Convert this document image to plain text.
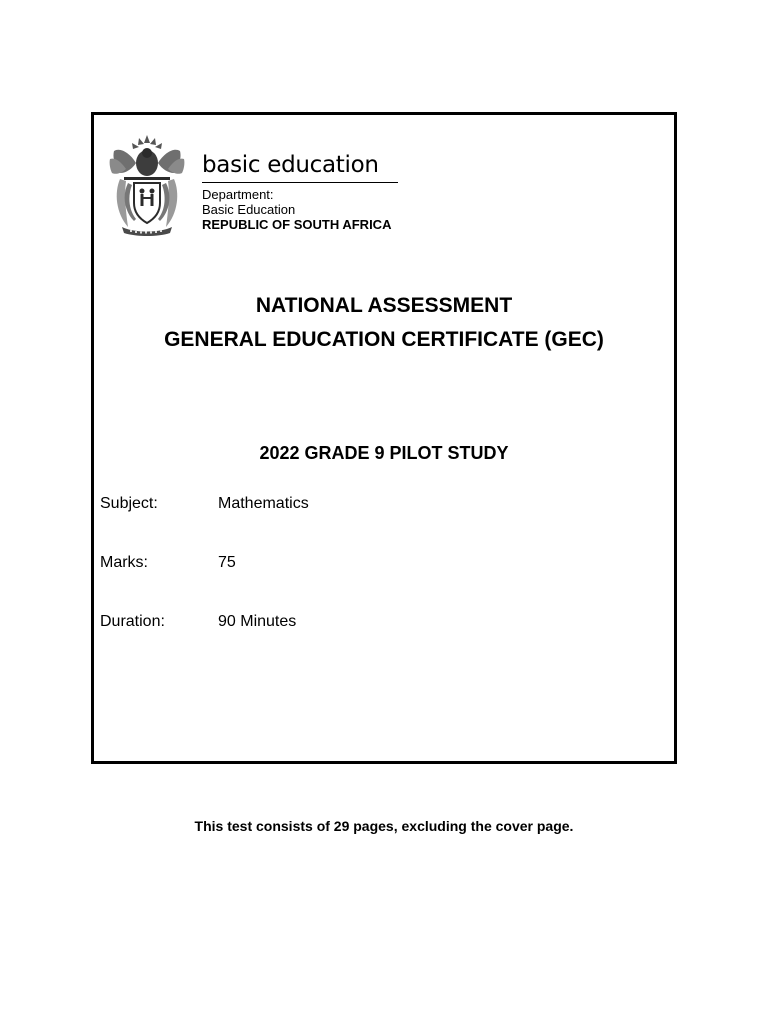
basic education
Department:
Basic Education
REPUBLIC OF SOUTH AFRICA
NATIONAL ASSESSMENT
GENERAL EDUCATION CERTIFICATE (GEC)
2022 GRADE 9 PILOT STUDY
Subject:	Mathematics
Marks:	75
Duration:	90 Minutes
This test consists of 29 pages, excluding the cover page.
